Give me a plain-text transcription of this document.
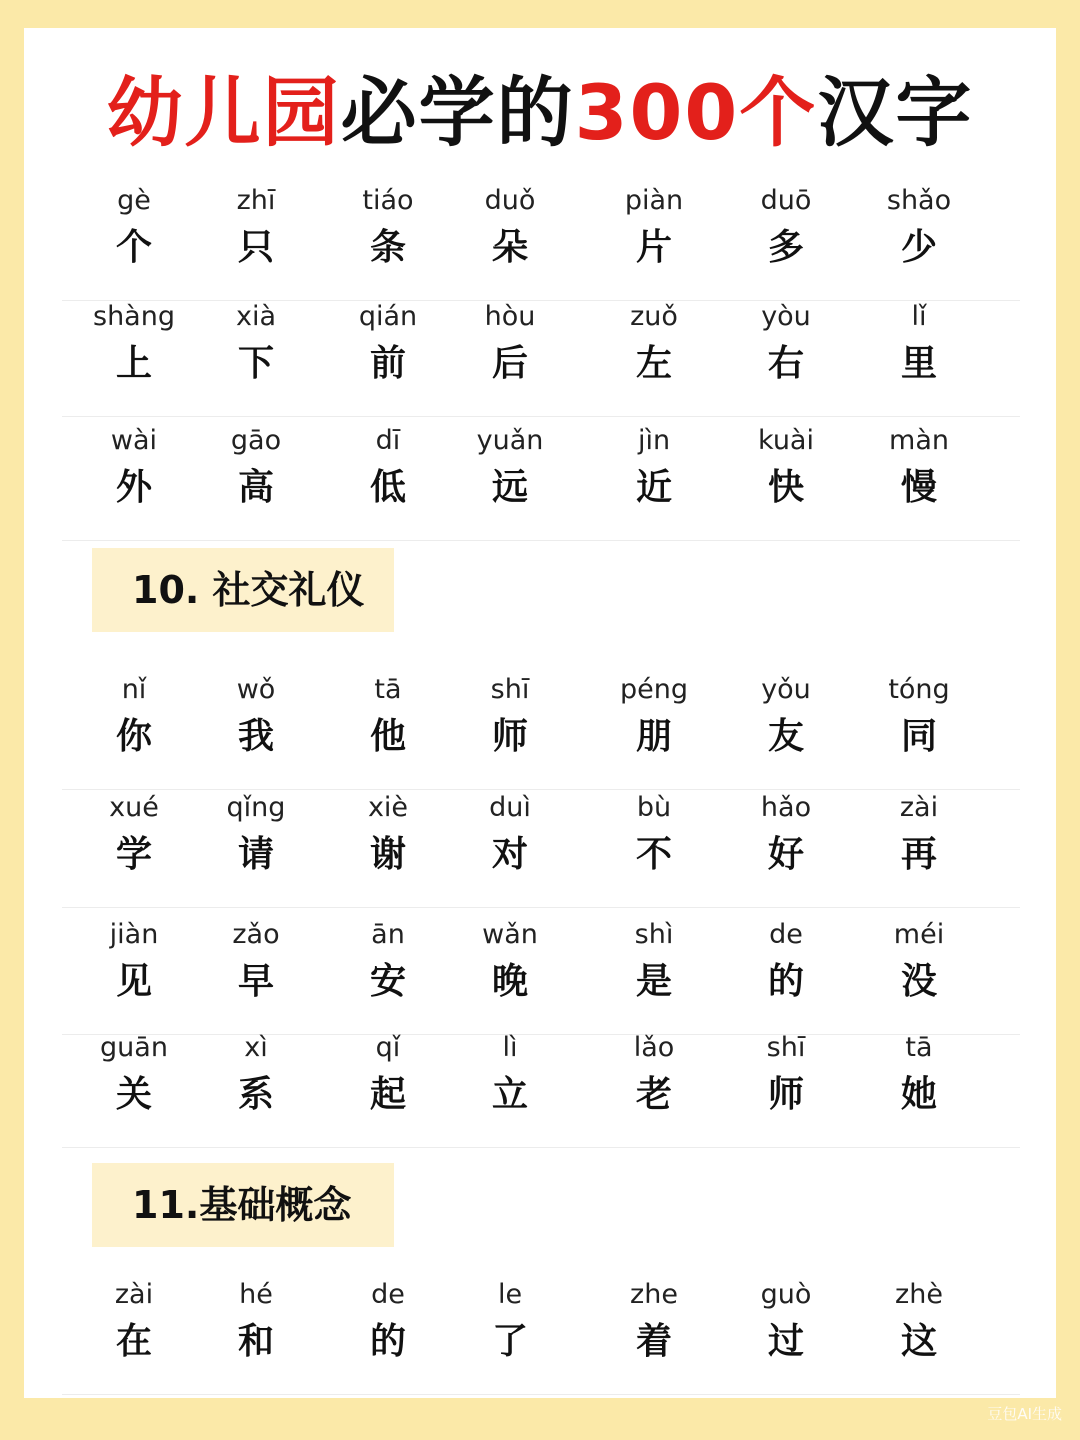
幼儿园必学的300个汉字
10. 社交礼仪
11.基础概念
gè
个
zhī
只
tiáo
条
duǒ
朵
piàn
片
duō
多
shǎo
少
shàng
上
xià
下
qián
前
hòu
后
zuǒ
左
yòu
右
lǐ
里
wài
外
gāo
高
dī
低
yuǎn
远
jìn
近
kuài
快
màn
慢
nǐ
你
wǒ
我
tā
他
shī
师
péng
朋
yǒu
友
tóng
同
xué
学
qǐng
请
xiè
谢
duì
对
bù
不
hǎo
好
zài
再
jiàn
见
zǎo
早
ān
安
wǎn
晚
shì
是
de
的
méi
没
guān
关
xì
系
qǐ
起
lì
立
lǎo
老
shī
师
tā
她
zài
在
hé
和
de
的
le
了
zhe
着
guò
过
zhè
这
豆包AI生成
